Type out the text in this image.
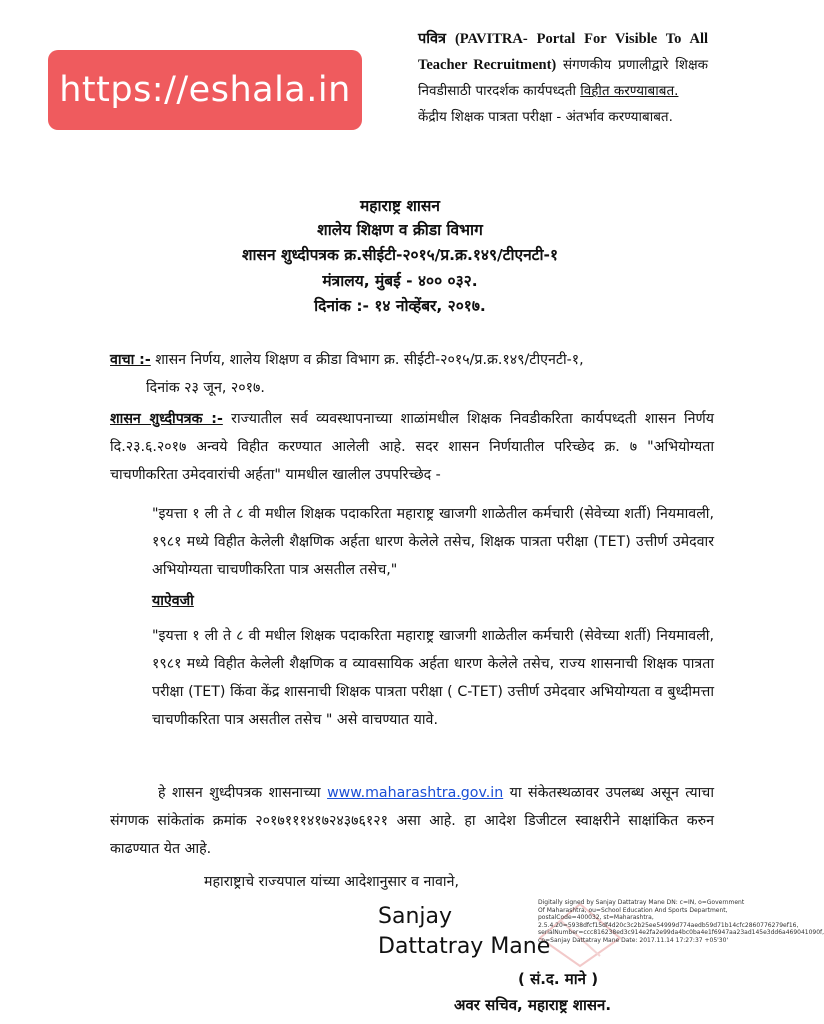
https://eshala.in
पवित्र (PAVITRA- Portal For Visible To All Teacher Recruitment) संगणकीय प्रणालीद्वारे शिक्षक निवडीसाठी पारदर्शक कार्यपध्दती विहीत करण्याबाबत.
केंद्रीय शिक्षक पात्रता परीक्षा - अंतर्भाव करण्याबाबत.
महाराष्ट्र शासन
शालेय शिक्षण व क्रीडा विभाग
शासन शुध्दीपत्रक क्र.सीईटी-२०१५/प्र.क्र.१४९/टीएनटी-१
मंत्रालय, मुंबई - ४०० ०३२.
दिनांक :- १४ नोव्हेंबर, २०१७.
वाचा :- शासन निर्णय, शालेय शिक्षण व क्रीडा विभाग क्र. सीईटी-२०१५/प्र.क्र.१४९/टीएनटी-१,
दिनांक २३ जून, २०१७.
शासन शुध्दीपत्रक :- राज्यातील सर्व व्यवस्थापनाच्या शाळांमधील शिक्षक निवडीकरिता कार्यपध्दती शासन निर्णय दि.२३.६.२०१७ अन्वये विहीत करण्यात आलेली आहे. सदर शासन निर्णयातील परिच्छेद क्र. ७ "अभियोग्यता चाचणीकरिता उमेदवारांची अर्हता" यामधील खालील उपपरिच्छेद -
"इयत्ता १ ली ते ८ वी मधील शिक्षक पदाकरिता महाराष्ट्र खाजगी शाळेतील कर्मचारी (सेवेच्या शर्ती) नियमावली, १९८१ मध्ये विहीत केलेली शैक्षणिक अर्हता धारण केलेले तसेच, शिक्षक पात्रता परीक्षा (TET) उत्तीर्ण उमेदवार अभियोग्यता चाचणीकरिता पात्र असतील तसेच,"
याऐवजी
"इयत्ता १ ली ते ८ वी मधील शिक्षक पदाकरिता महाराष्ट्र खाजगी शाळेतील कर्मचारी (सेवेच्या शर्ती) नियमावली, १९८१ मध्ये विहीत केलेली शैक्षणिक व व्यावसायिक अर्हता धारण केलेले तसेच, राज्य शासनाची शिक्षक पात्रता परीक्षा (TET) किंवा केंद्र शासनाची शिक्षक पात्रता परीक्षा ( C-TET) उत्तीर्ण उमेदवार अभियोग्यता व बुध्दीमत्ता चाचणीकरिता पात्र असतील तसेच " असे वाचण्यात यावे.
हे शासन शुध्दीपत्रक शासनाच्या www.maharashtra.gov.in या संकेतस्थळावर उपलब्ध असून त्याचा संगणक सांकेतांक क्रमांक २०१७१११४१७२४३७६१२१ असा आहे. हा आदेश डिजीटल स्वाक्षरीने साक्षांकित करुन काढण्यात येत आहे.
महाराष्ट्राचे राज्यपाल यांच्या आदेशानुसार व नावाने,
Sanjay
Dattatray Mane
Digitally signed by Sanjay Dattatray Mane DN: c=IN, o=Government Of Maharashtra, ou=School Education And Sports Department, postalCode=400032, st=Maharashtra, 2.5.4.20=5938dfcf15df4d20c3c2b25ee54999d774aedb59d71b14cfc2860776279ef16, serialNumber=ccc816238ed3c914e2fa2e99da4bc0ba4e1f6947aa23ad145e3dd6a469041090f, cn=Sanjay Dattatray Mane Date: 2017.11.14 17:27:37 +05'30'
( सं.द. माने )
अवर सचिव, महाराष्ट्र शासन.
